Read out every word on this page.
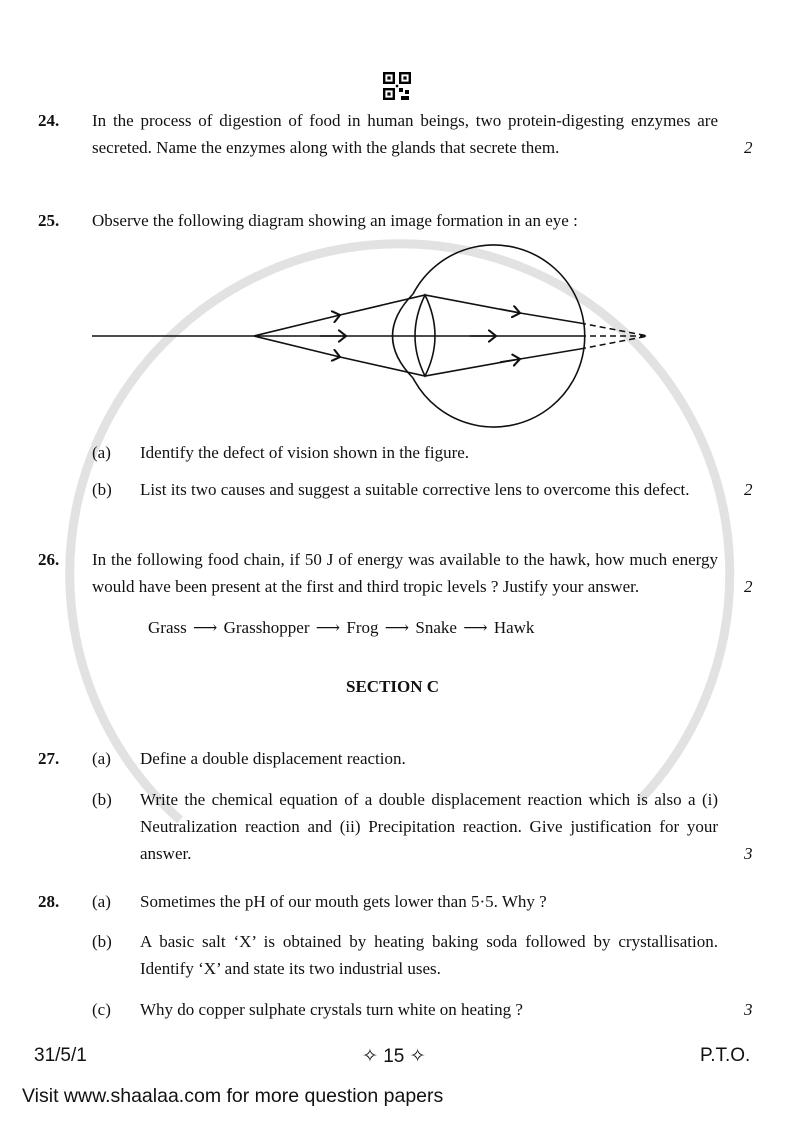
24. In the process of digestion of food in human beings, two protein-digesting enzymes are secreted. Name the enzymes along with the glands that secrete them.	2
25. Observe the following diagram showing an image formation in an eye :
(a) Identify the defect of vision shown in the figure.
(b) List its two causes and suggest a suitable corrective lens to overcome this defect.	2
26. In the following food chain, if 50 J of energy was available to the hawk, how much energy would have been present at the first and third tropic levels ? Justify your answer.	2
Grass ⟶ Grasshopper ⟶ Frog ⟶ Snake ⟶ Hawk
SECTION C
27. (a) Define a double displacement reaction.
(b) Write the chemical equation of a double displacement reaction which is also a (i) Neutralization reaction and (ii) Precipitation reaction. Give justification for your answer.	3
28. (a) Sometimes the pH of our mouth gets lower than 5·5. Why ?
(b) A basic salt ‘X’ is obtained by heating baking soda followed by crystallisation. Identify ‘X’ and state its two industrial uses.
(c) Why do copper sulphate crystals turn white on heating ?	3
31/5/1	✧ 15 ✧	P.T.O.
Visit www.shaalaa.com for more question papers
